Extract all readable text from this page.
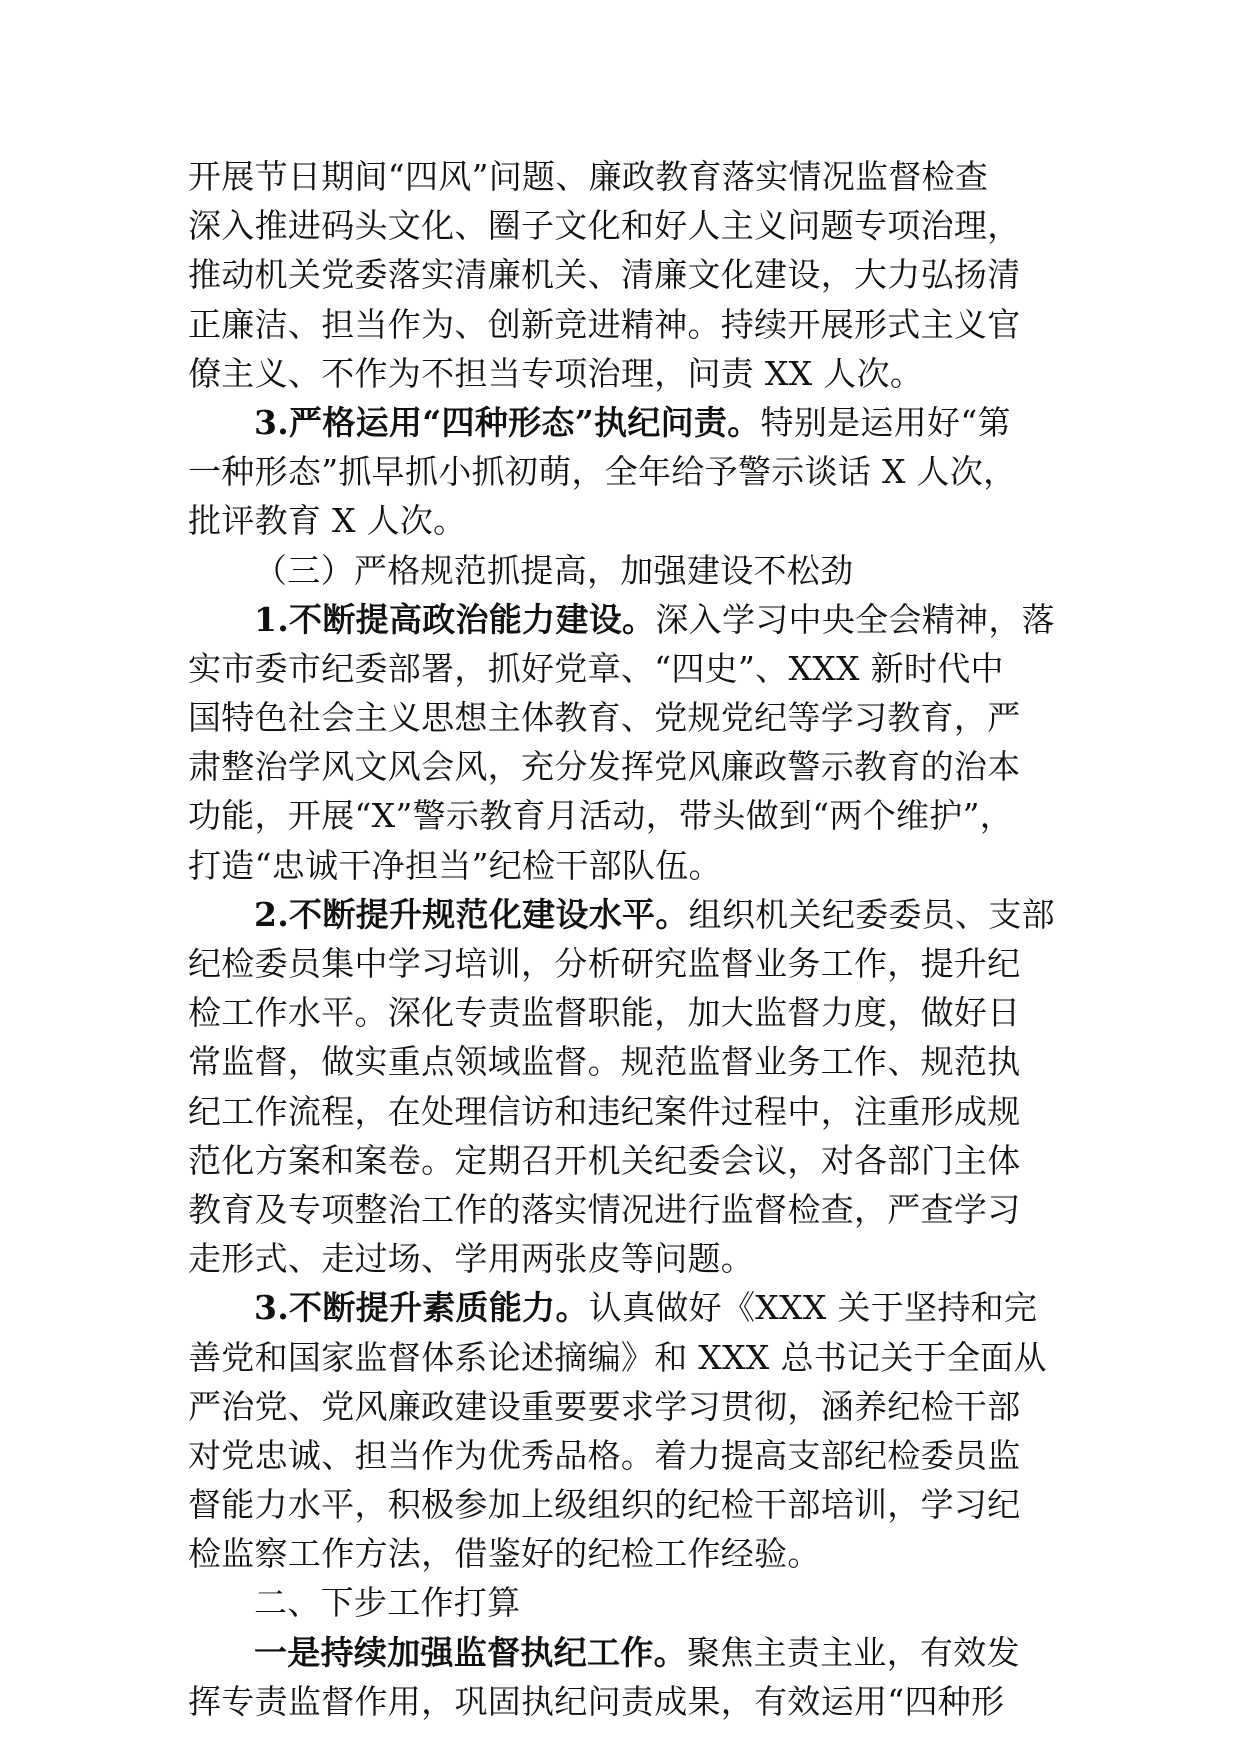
开展节日期间“四风”问题、廉政教育落实情况监督检查
深入推进码头文化、圈子文化和好人主义问题专项治理，
推动机关党委落实清廉机关、清廉文化建设，大力弘扬清
正廉洁、担当作为、创新竞进精神。持续开展形式主义官
僚主义、不作为不担当专项治理，问责 XX 人次。
3.严格运用“四种形态”执纪问责。特别是运用好“第
一种形态”抓早抓小抓初萌，全年给予警示谈话 X 人次，
批评教育 X 人次。
（三）严格规范抓提高，加强建设不松劲
1.不断提高政治能力建设。深入学习中央全会精神，落
实市委市纪委部署，抓好党章、“四史”、XXX 新时代中
国特色社会主义思想主体教育、党规党纪等学习教育，严
肃整治学风文风会风，充分发挥党风廉政警示教育的治本
功能，开展“X”警示教育月活动，带头做到“两个维护”，
打造“忠诚干净担当”纪检干部队伍。
2.不断提升规范化建设水平。组织机关纪委委员、支部
纪检委员集中学习培训，分析研究监督业务工作，提升纪
检工作水平。深化专责监督职能，加大监督力度，做好日
常监督，做实重点领域监督。规范监督业务工作、规范执
纪工作流程，在处理信访和违纪案件过程中，注重形成规
范化方案和案卷。定期召开机关纪委会议，对各部门主体
教育及专项整治工作的落实情况进行监督检查，严查学习
走形式、走过场、学用两张皮等问题。
3.不断提升素质能力。认真做好《XXX 关于坚持和完
善党和国家监督体系论述摘编》和 XXX 总书记关于全面从
严治党、党风廉政建设重要要求学习贯彻，涵养纪检干部
对党忠诚、担当作为优秀品格。着力提高支部纪检委员监
督能力水平，积极参加上级组织的纪检干部培训，学习纪
检监察工作方法，借鉴好的纪检工作经验。
二、下步工作打算
一是持续加强监督执纪工作。聚焦主责主业，有效发
挥专责监督作用，巩固执纪问责成果，有效运用“四种形
